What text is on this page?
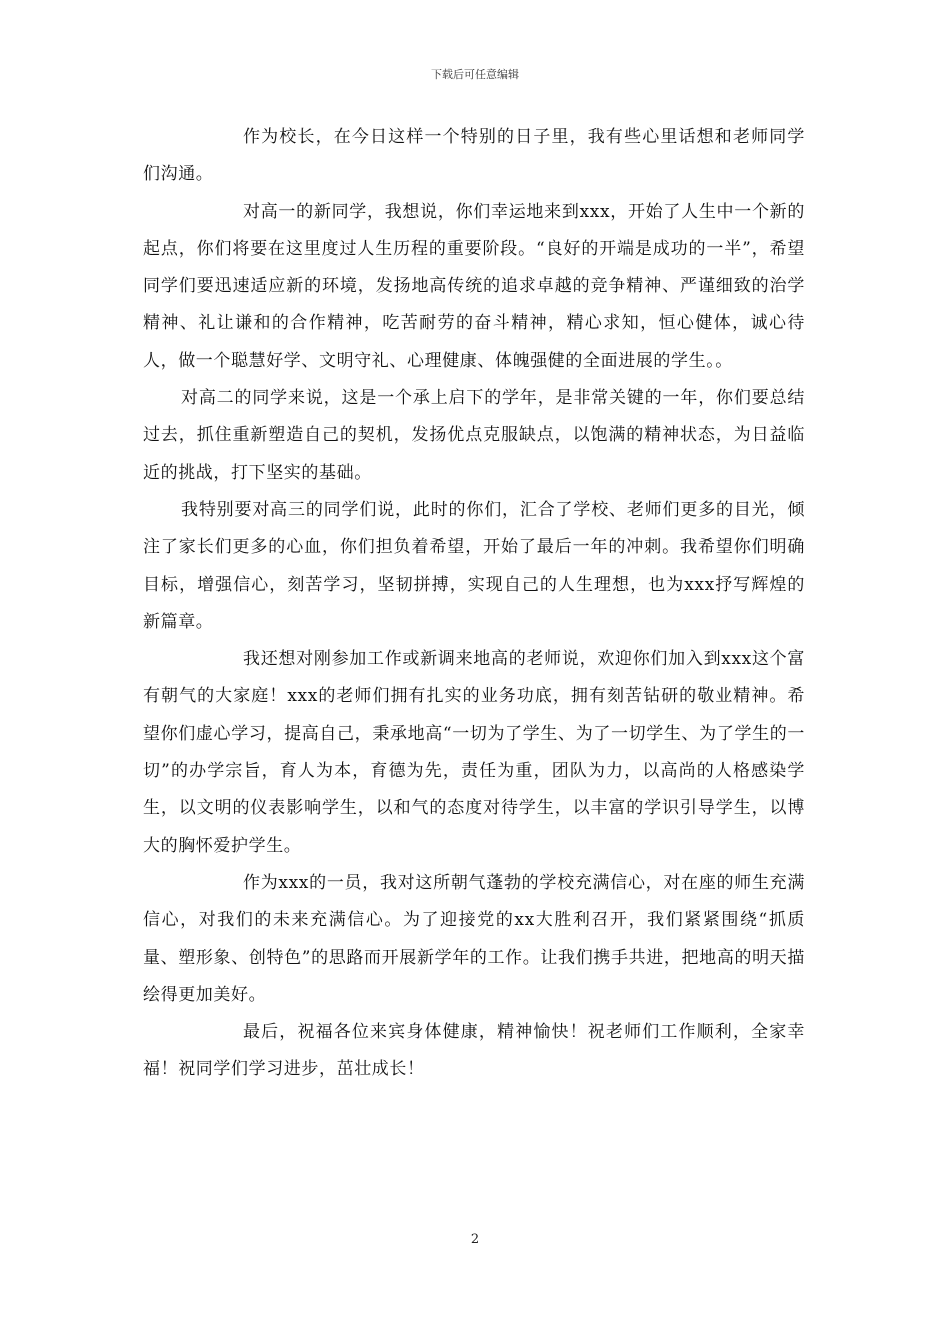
下载后可任意编辑

作为校长，在今日这样一个特别的日子里，我有些心里话想和老师同学们沟通。

对高一的新同学，我想说，你们幸运地来到xxx，开始了人生中一个新的起点，你们将要在这里度过人生历程的重要阶段。“良好的开端是成功的一半”，希望同学们要迅速适应新的环境，发扬地高传统的追求卓越的竞争精神、严谨细致的治学精神、礼让谦和的合作精神，吃苦耐劳的奋斗精神，精心求知，恒心健体，诚心待人，做一个聪慧好学、文明守礼、心理健康、体魄强健的全面进展的学生。。

对高二的同学来说，这是一个承上启下的学年，是非常关键的一年，你们要总结过去，抓住重新塑造自己的契机，发扬优点克服缺点，以饱满的精神状态，为日益临近的挑战，打下坚实的基础。

我特别要对高三的同学们说，此时的你们，汇合了学校、老师们更多的目光，倾注了家长们更多的心血，你们担负着希望，开始了最后一年的冲刺。我希望你们明确目标，增强信心，刻苦学习，坚韧拼搏，实现自己的人生理想，也为xxx抒写辉煌的新篇章。

我还想对刚参加工作或新调来地高的老师说，欢迎你们加入到xxx这个富有朝气的大家庭！xxx的老师们拥有扎实的业务功底，拥有刻苦钻研的敬业精神。希望你们虚心学习，提高自己，秉承地高“一切为了学生、为了一切学生、为了学生的一切”的办学宗旨，育人为本，育德为先，责任为重，团队为力，以高尚的人格感染学生，以文明的仪表影响学生，以和气的态度对待学生，以丰富的学识引导学生，以博大的胸怀爱护学生。

作为xxx的一员，我对这所朝气蓬勃的学校充满信心，对在座的师生充满信心，对我们的未来充满信心。为了迎接党的xx大胜利召开，我们紧紧围绕“抓质量、塑形象、创特色”的思路而开展新学年的工作。让我们携手共进，把地高的明天描绘得更加美好。

最后，祝福各位来宾身体健康，精神愉快！祝老师们工作顺利，全家幸福！祝同学们学习进步，茁壮成长！

2
